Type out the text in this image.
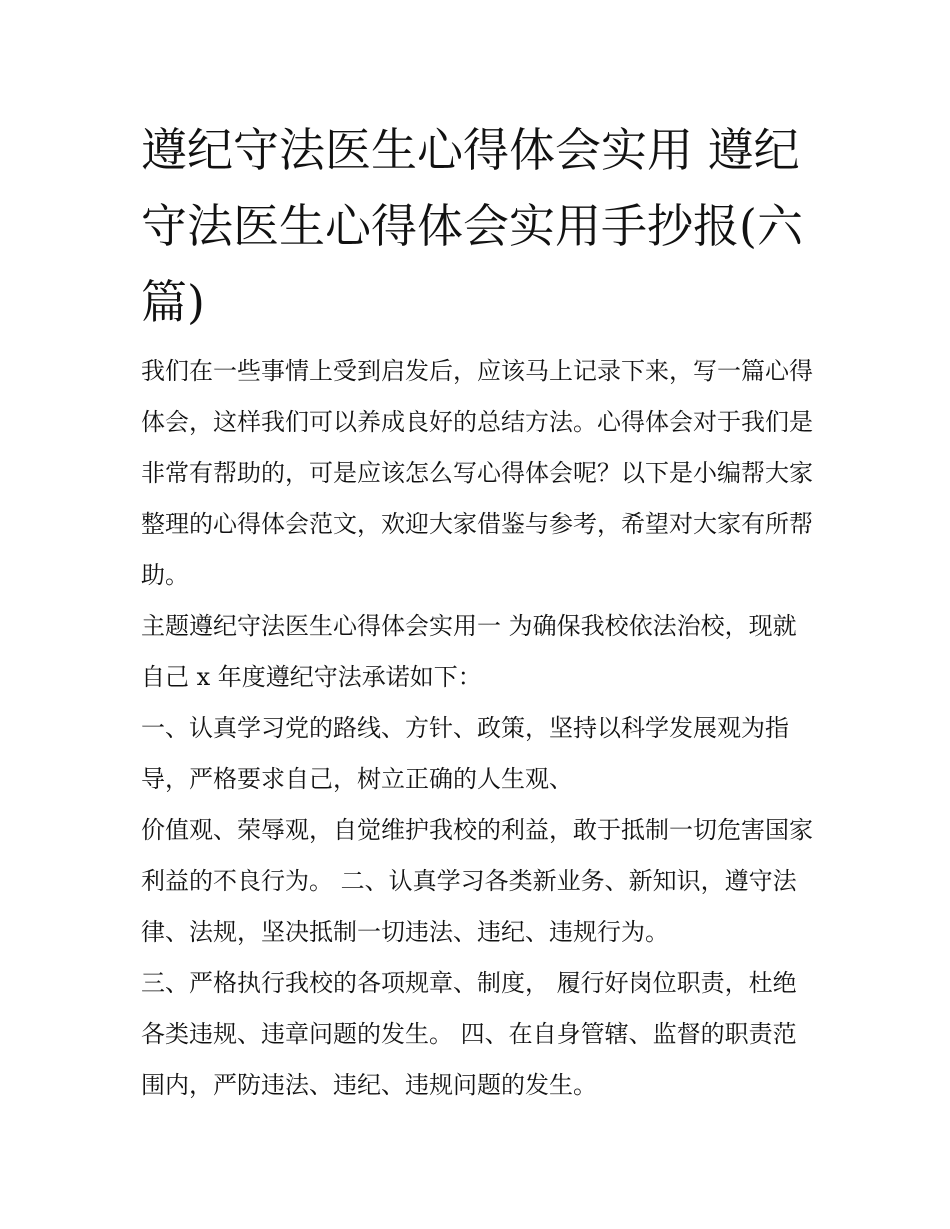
遵纪守法医生心得体会实用 遵纪守法医生心得体会实用手抄报(六篇)

我们在一些事情上受到启发后，应该马上记录下来，写一篇心得体会，这样我们可以养成良好的总结方法。心得体会对于我们是非常有帮助的，可是应该怎么写心得体会呢？以下是小编帮大家整理的心得体会范文，欢迎大家借鉴与参考，希望对大家有所帮助。

主题遵纪守法医生心得体会实用一 为确保我校依法治校，现就自己 x 年度遵纪守法承诺如下：

一、认真学习党的路线、方针、政策，坚持以科学发展观为指导，严格要求自己，树立正确的人生观、

价值观、荣辱观，自觉维护我校的利益，敢于抵制一切危害国家利益的不良行为。 二、认真学习各类新业务、新知识，遵守法律、法规，坚决抵制一切违法、违纪、违规行为。

三、严格执行我校的各项规章、制度， 履行好岗位职责，杜绝各类违规、违章问题的发生。 四、在自身管辖、监督的职责范围内，严防违法、违纪、违规问题的发生。
